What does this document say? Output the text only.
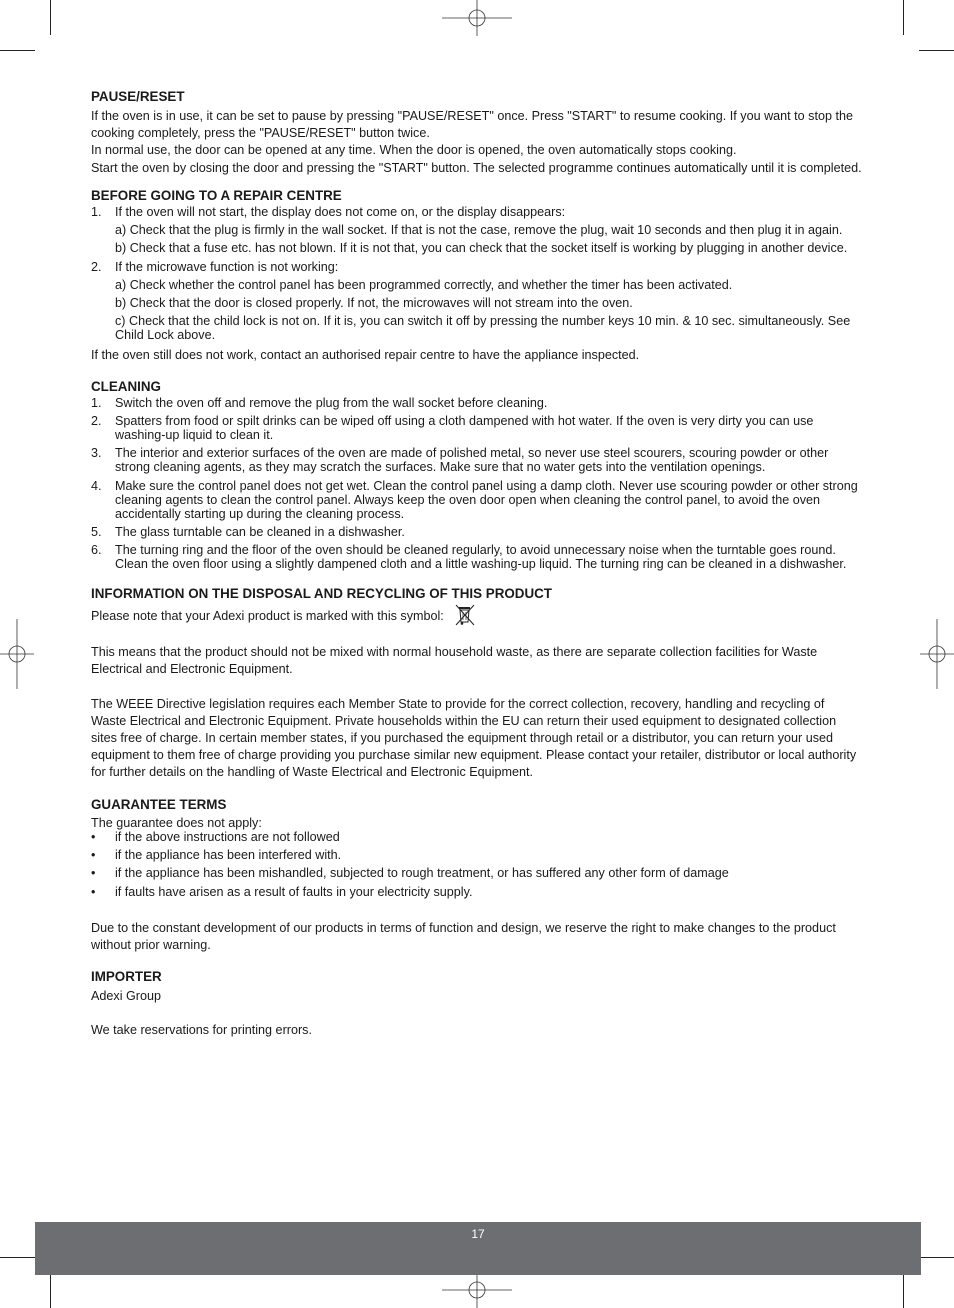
PAUSE/RESET

If the oven is in use, it can be set to pause by pressing "PAUSE/RESET" once. Press "START" to resume cooking. If you want to stop the cooking completely, press the "PAUSE/RESET" button twice.

In normal use, the door can be opened at any time. When the door is opened, the oven automatically stops cooking.

Start the oven by closing the door and pressing the "START" button. The selected programme continues automatically until it is completed.

BEFORE GOING TO A REPAIR CENTRE
1. If the oven will not start, the display does not come on, or the display disappears:
a) Check that the plug is firmly in the wall socket. If that is not the case, remove the plug, wait 10 seconds and then plug it in again.
b) Check that a fuse etc. has not blown. If it is not that, you can check that the socket itself is working by plugging in another device.
2. If the microwave function is not working:
a) Check whether the control panel has been programmed correctly, and whether the timer has been activated.
b) Check that the door is closed properly. If not, the microwaves will not stream into the oven.
c) Check that the child lock is not on. If it is, you can switch it off by pressing the number keys 10 min. & 10 sec. simultaneously. See Child Lock above.

If the oven still does not work, contact an authorised repair centre to have the appliance inspected.

CLEANING
1. Switch the oven off and remove the plug from the wall socket before cleaning.
2. Spatters from food or spilt drinks can be wiped off using a cloth dampened with hot water. If the oven is very dirty you can use washing-up liquid to clean it.
3. The interior and exterior surfaces of the oven are made of polished metal, so never use steel scourers, scouring powder or other strong cleaning agents, as they may scratch the surfaces. Make sure that no water gets into the ventilation openings.
4. Make sure the control panel does not get wet. Clean the control panel using a damp cloth. Never use scouring powder or other strong cleaning agents to clean the control panel. Always keep the oven door open when cleaning the control panel, to avoid the oven accidentally starting up during the cleaning process.
5. The glass turntable can be cleaned in a dishwasher.
6. The turning ring and the floor of the oven should be cleaned regularly, to avoid unnecessary noise when the turntable goes round. Clean the oven floor using a slightly dampened cloth and a little washing-up liquid. The turning ring can be cleaned in a dishwasher.
INFORMATION ON THE DISPOSAL AND RECYCLING OF THIS PRODUCT
Please note that your Adexi product is marked with this symbol:

This means that the product should not be mixed with normal household waste, as there are separate collection facilities for Waste Electrical and Electronic Equipment.

The WEEE Directive legislation requires each Member State to provide for the correct collection, recovery, handling and recycling of Waste Electrical and Electronic Equipment. Private households within the EU can return their used equipment to designated collection sites free of charge. In certain member states, if you purchased the equipment through retail or a distributor, you can return your used equipment to them free of charge providing you purchase similar new equipment. Please contact your retailer, distributor or local authority for further details on the handling of Waste Electrical and Electronic Equipment.

GUARANTEE TERMS

The guarantee does not apply:

• if the above instructions are not followed
• if the appliance has been interfered with.
• if the appliance has been mishandled, subjected to rough treatment, or has suffered any other form of damage
• if faults have arisen as a result of faults in your electricity supply.

Due to the constant development of our products in terms of function and design, we reserve the right to make changes to the product without prior warning.

IMPORTER

Adexi Group

We take reservations for printing errors.

17
